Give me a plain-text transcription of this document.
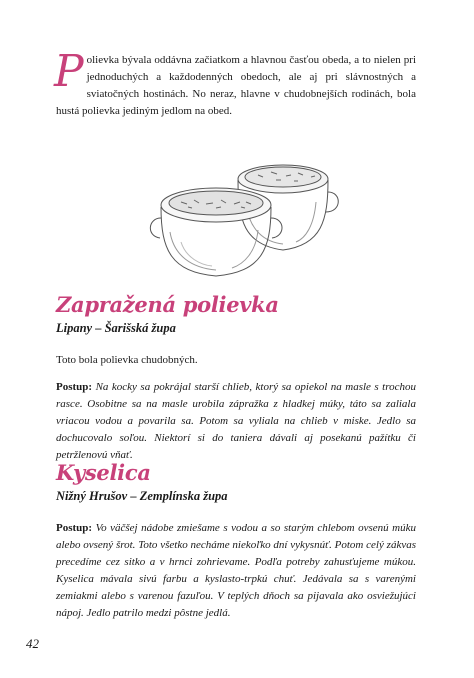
Polievka bývala oddávna začiatkom a hlavnou časťou obeda, a to nielen pri jednoduchých a každodenných obedoch, ale aj pri slávnostných a sviatočných hostinách. No neraz, hlavne v chudobnejších rodinách, bola hustá polievka jediným jedlom na obed.

Zapražená polievka

Lipany – Šarišská župa

Toto bola polievka chudobných.

Postup: Na kocky sa pokrájal starší chlieb, ktorý sa opiekol na masle s trochou rasce. Osobitne sa na masle urobila zápražka z hladkej múky, táto sa zaliala vriacou vodou a povarila sa. Potom sa vyliala na chlieb v miske. Jedlo sa dochucovalo soľou. Niektorí si do taniera dávali aj posekanú pažítku či petržlenovú vňať.

Kyselica

Nižný Hrušov – Zemplínska župa

Postup: Vo väčšej nádobe zmiešame s vodou a so starým chlebom ovsenú múku alebo ovsený šrot. Toto všetko necháme niekoľko dní vykysnúť. Potom celý zákvas precedíme cez sitko a v hrnci zohrievame. Podľa potreby zahusťujeme múkou. Kyselica mávala sivú farbu a kyslasto-trpkú chuť. Jedávala sa s varenými zemiakmi alebo s varenou fazuľou. V teplých dňoch sa pijavala ako osviežujúci nápoj. Jedlo patrilo medzi pôstne jedlá.

42
